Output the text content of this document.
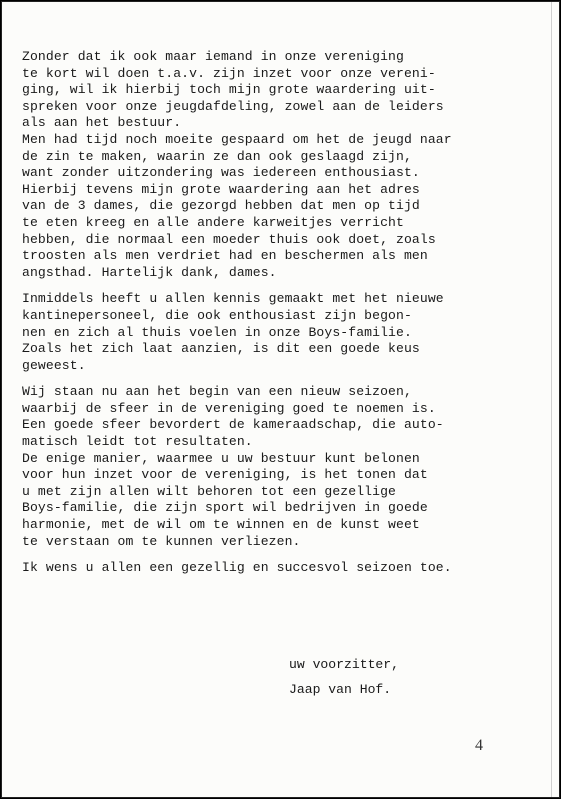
Zonder dat ik ook maar iemand in onze vereniging
te kort wil doen t.a.v. zijn inzet voor onze vereni-
ging, wil ik hierbij toch mijn grote waardering uit-
spreken voor onze jeugdafdeling, zowel aan de leiders
als aan het bestuur.
Men had tijd noch moeite gespaard om het de jeugd naar
de zin te maken, waarin ze dan ook geslaagd zijn,
want zonder uitzondering was iedereen enthousiast.
Hierbij tevens mijn grote waardering aan het adres
van de 3 dames, die gezorgd hebben dat men op tijd
te eten kreeg en alle andere karweitjes verricht
hebben, die normaal een moeder thuis ook doet, zoals
troosten als men verdriet had en beschermen als men
angsthad. Hartelijk dank, dames.
Inmiddels heeft u allen kennis gemaakt met het nieuwe
kantinepersoneel, die ook enthousiast zijn begon-
nen en zich al thuis voelen in onze Boys-familie.
Zoals het zich laat aanzien, is dit een goede keus
geweest.
Wij staan nu aan het begin van een nieuw seizoen,
waarbij de sfeer in de vereniging goed te noemen is.
Een goede sfeer bevordert de kameraadschap, die auto-
matisch leidt tot resultaten.
De enige manier, waarmee u uw bestuur kunt belonen
voor hun inzet voor de vereniging, is het tonen dat
u met zijn allen wilt behoren tot een gezellige
Boys-familie, die zijn sport wil bedrijven in goede
harmonie, met de wil om te winnen en de kunst weet
te verstaan om te kunnen verliezen.
Ik wens u allen een gezellig en succesvol seizoen toe.
uw voorzitter,
Jaap van Hof.
4
